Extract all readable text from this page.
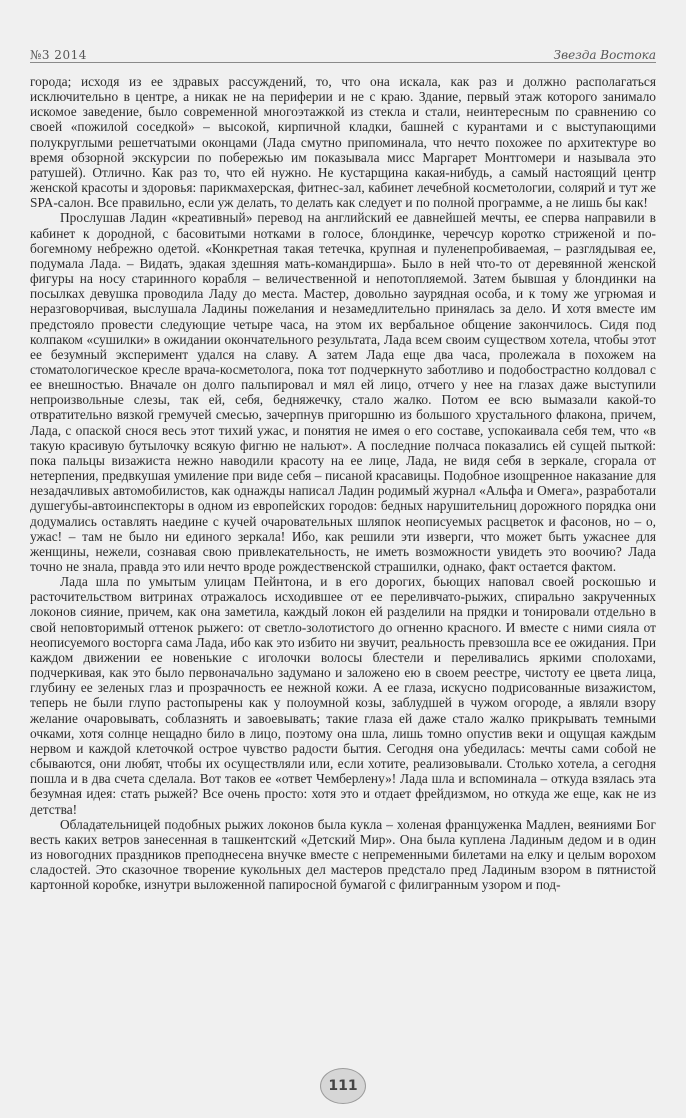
№3 2014	Звезда Востока

города; исходя из ее здравых рассуждений, то, что она искала, как раз и должно располагаться исключительно в центре, а никак не на периферии и не с краю. Здание, первый этаж которого занимало искомое заведение, было современной многоэтажкой из стекла и стали, неинтересным по сравнению со своей «пожилой соседкой» – высокой, кирпичной кладки, башней с курантами и с выступающими полукруглыми решетчатыми оконцами (Лада смутно припоминала, что нечто похожее по архитектуре во время обзорной экскурсии по побережью им показывала мисс Маргарет Монтгомери и называла это ратушей). Отлично. Как раз то, что ей нужно. Не кустарщина какая-нибудь, а самый настоящий центр женской красоты и здоровья: парикмахерская, фитнес-зал, кабинет лечебной косметологии, солярий и тут же SPA-салон. Все правильно, если уж делать, то делать как следует и по полной программе, а не лишь бы как!

Прослушав Ладин «креативный» перевод на английский ее давнейшей мечты, ее сперва направили в кабинет к дородной, с басовитыми нотками в голосе, блондинке, черечсур коротко стриженой и по-богемному небрежно одетой. «Конкретная такая тетечка, крупная и пуленепробиваемая, – разглядывая ее, подумала Лада. – Видать, эдакая здешняя мать-командирша». Было в ней что-то от деревянной женской фигуры на носу старинного корабля – величественной и непотопляемой. Затем бывшая у блондинки на посылках девушка проводила Ладу до места. Мастер, довольно заурядная особа, и к тому же угрюмая и неразговорчивая, выслушала Ладины пожелания и незамедлительно принялась за дело. И хотя вместе им предстояло провести следующие четыре часа, на этом их вербальное общение закончилось. Сидя под колпаком «сушилки» в ожидании окончательного результата, Лада всем своим существом хотела, чтобы этот ее безумный эксперимент удался на славу. А затем Лада еще два часа, пролежала в похожем на стоматологическое кресле врача-косметолога, пока тот подчеркнуто заботливо и подобострастно колдовал с ее внешностью. Вначале он долго пальпировал и мял ей лицо, отчего у нее на глазах даже выступили непроизвольные слезы, так ей, себя, бедняжечку, стало жалко. Потом ее всю вымазали какой-то отвратительно вязкой гремучей смесью, зачерпнув пригоршню из большого хрустального флакона, причем, Лада, с опаской снося весь этот тихий ужас, и понятия не имея о его составе, успокаивала себя тем, что «в такую красивую бутылочку всякую фигню не нальют». А последние полчаса показались ей сущей пыткой: пока пальцы визажиста нежно наводили красоту на ее лице, Лада, не видя себя в зеркале, сгорала от нетерпения, предвкушая умиление при виде себя – писаной красавицы. Подобное изощренное наказание для незадачливых автомобилистов, как однажды написал Ладин родимый журнал «Альфа и Омега», разработали душегубы-автоинспекторы в одном из европейских городов: бедных нарушительниц дорожного порядка они додумались оставлять наедине с кучей очаровательных шляпок неописуемых расцветок и фасонов, но – о, ужас! – там не было ни единого зеркала! Ибо, как решили эти изверги, что может быть ужаснее для женщины, нежели, сознавая свою привлекательность, не иметь возможности увидеть это воочию? Лада точно не знала, правда это или нечто вроде рождественской страшилки, однако, факт остается фактом.

Лада шла по умытым улицам Пейнтона, и в его дорогих, бьющих наповал своей роскошью и расточительством витринах отражалось исходившее от ее переливчато-рыжих, спирально закрученных локонов сияние, причем, как она заметила, каждый локон ей разделили на прядки и тонировали отдельно в свой неповторимый оттенок рыжего: от светло-золотистого до огненно красного. И вместе с ними сияла от неописуемого восторга сама Лада, ибо как это избито ни звучит, реальность превзошла все ее ожидания. При каждом движении ее новенькие с иголочки волосы блестели и переливались яркими сполохами, подчеркивая, как это было первоначально задумано и заложено ею в своем реестре, чистоту ее цвета лица, глубину ее зеленых глаз и прозрачность ее нежной кожи. А ее глаза, искусно подрисованные визажистом, теперь не были глупо растопырены как у полоумной козы, заблудшей в чужом огороде, а являли взору желание очаровывать, соблазнять и завоевывать; такие глаза ей даже стало жалко прикрывать темными очками, хотя солнце нещадно било в лицо, поэтому она шла, лишь томно опустив веки и ощущая каждым нервом и каждой клеточкой острое чувство радости бытия. Сегодня она убедилась: мечты сами собой не сбываются, они любят, чтобы их осуществляли или, если хотите, реализовывали. Столько хотела, а сегодня пошла и в два счета сделала. Вот таков ее «ответ Чемберлену»! Лада шла и вспоминала – откуда взялась эта безумная идея: стать рыжей? Все очень просто: хотя это и отдает фрейдизмом, но откуда же еще, как не из детства!

Обладательницей подобных рыжих локонов была кукла – холеная француженка Мадлен, веяниями Бог весть каких ветров занесенная в ташкентский «Детский Мир». Она была куплена Ладиным дедом и в один из новогодних праздников преподнесена внучке вместе с непременными билетами на елку и целым ворохом сладостей. Это сказочное творение кукольных дел мастеров предстало пред Ладиным взором в пятнистой картонной коробке, изнутри выложенной папиросной бумагой с филигранным узором и под-

111
